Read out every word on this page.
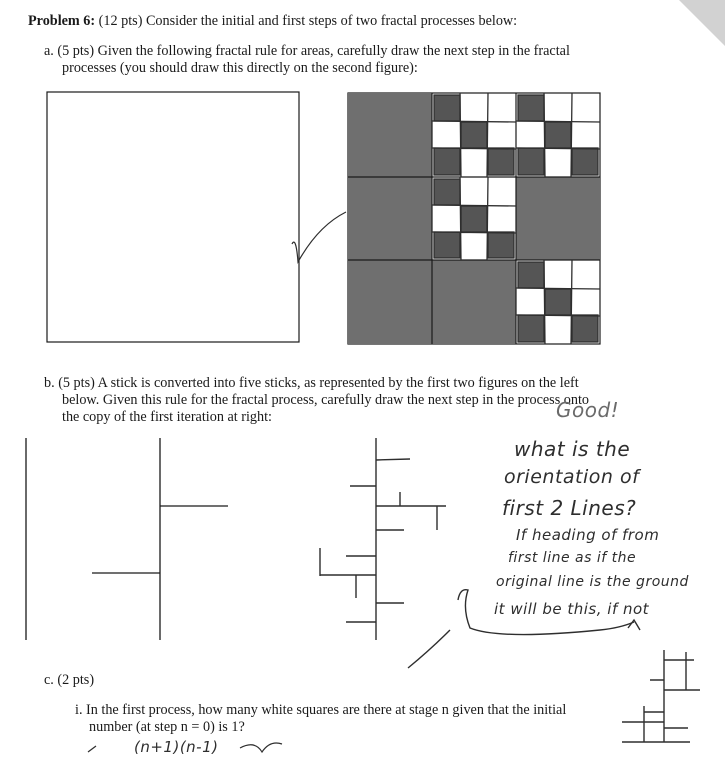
Problem 6: (12 pts) Consider the initial and first steps of two fractal processes below:
a. (5 pts) Given the following fractal rule for areas, carefully draw the next step in the fractal
processes (you should draw this directly on the second figure):
b. (5 pts) A stick is converted into five sticks, as represented by the first two figures on the left
below. Given this rule for the fractal process, carefully draw the next step in the process onto
the copy of the first iteration at right:	Good!
what is the
orientation of
first 2 Lines?
If heading of from
first line as if the
original line is the ground
it will be this, if not
c. (2 pts)
i. In the first process, how many white squares are there at stage n given that the initial
number (at step n = 0) is 1?
(n+1)(n-1)
